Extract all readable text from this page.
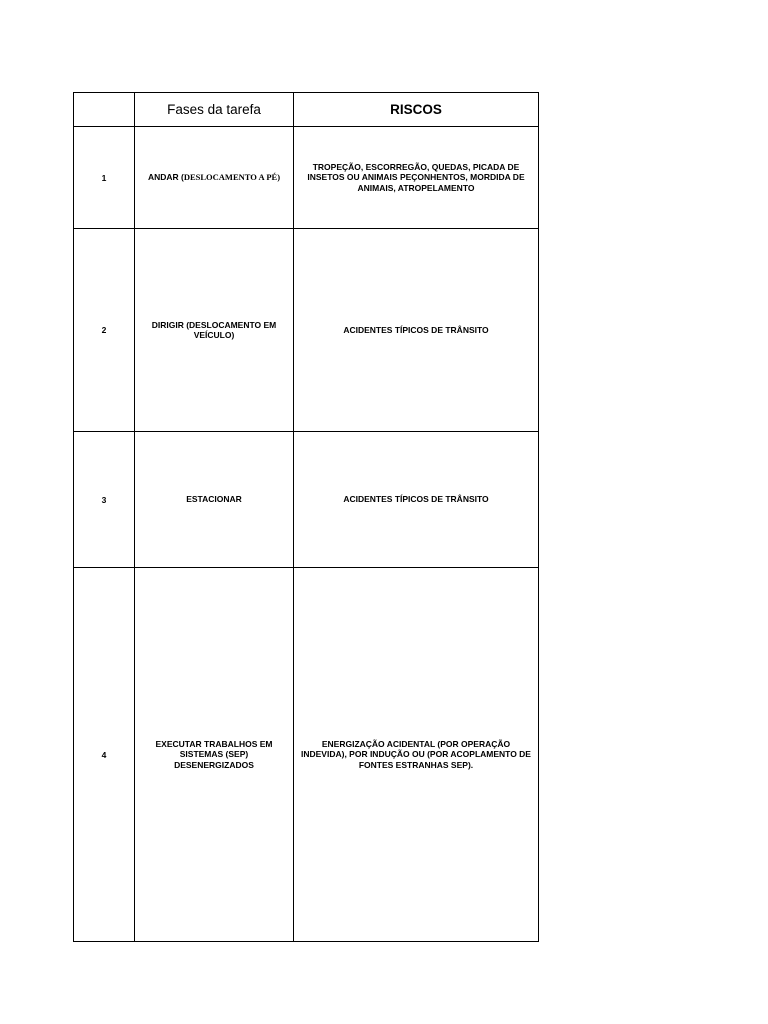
	Fases da tarefa	RISCOS
1	ANDAR (DESLOCAMENTO A PÉ)	TROPEÇÃO, ESCORREGÃO, QUEDAS, PICADA DE INSETOS OU ANIMAIS PEÇONHENTOS, MORDIDA DE ANIMAIS, ATROPELAMENTO
2	DIRIGIR (DESLOCAMENTO EM VEÍCULO)	ACIDENTES TÍPICOS DE TRÂNSITO
3	ESTACIONAR	ACIDENTES TÍPICOS DE TRÂNSITO
4	EXECUTAR TRABALHOS EM SISTEMAS (SEP) DESENERGIZADOS	ENERGIZAÇÃO ACIDENTAL (POR OPERAÇÃO INDEVIDA), POR INDUÇÃO OU (POR ACOPLAMENTO DE FONTES ESTRANHAS SEP).
